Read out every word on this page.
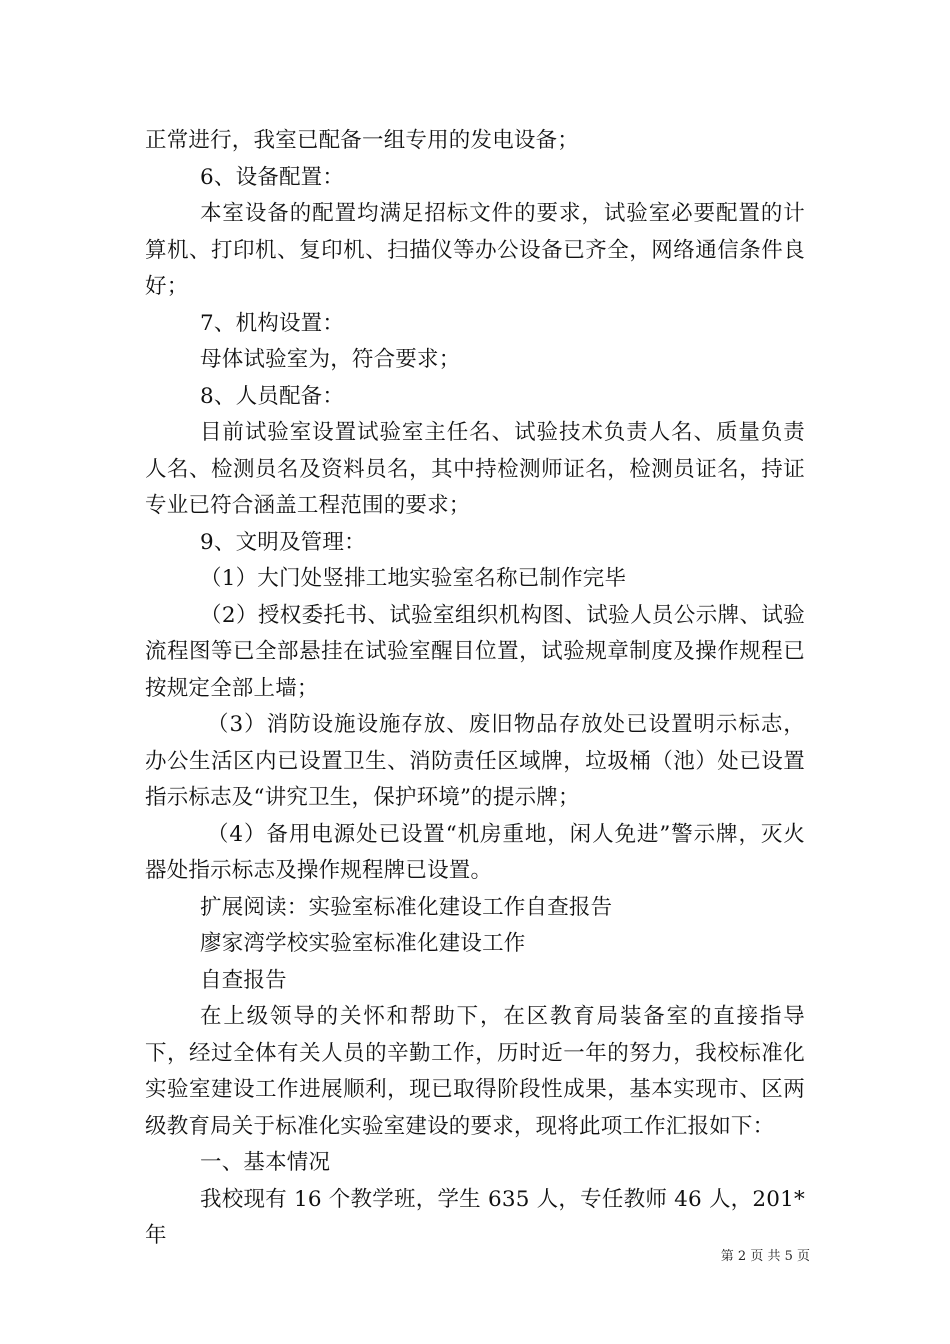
正常进行，我室已配备一组专用的发电设备；

6、设备配置：

本室设备的配置均满足招标文件的要求，试验室必要配置的计算机、打印机、复印机、扫描仪等办公设备已齐全，网络通信条件良好；

7、机构设置：

母体试验室为，符合要求；

8、人员配备：

目前试验室设置试验室主任名、试验技术负责人名、质量负责人名、检测员名及资料员名，其中持检测师证名，检测员证名，持证专业已符合涵盖工程范围的要求；

9、文明及管理：

（1）大门处竖排工地实验室名称已制作完毕

（2）授权委托书、试验室组织机构图、试验人员公示牌、试验流程图等已全部悬挂在试验室醒目位置，试验规章制度及操作规程已按规定全部上墙；

（3）消防设施设施存放、废旧物品存放处已设置明示标志，办公生活区内已设置卫生、消防责任区域牌，垃圾桶（池）处已设置指示标志及“讲究卫生，保护环境”的提示牌；

（4）备用电源处已设置“机房重地，闲人免进”警示牌，灭火器处指示标志及操作规程牌已设置。

扩展阅读：实验室标准化建设工作自查报告

廖家湾学校实验室标准化建设工作

自查报告

在上级领导的关怀和帮助下，在区教育局装备室的直接指导下，经过全体有关人员的辛勤工作，历时近一年的努力，我校标准化实验室建设工作进展顺利，现已取得阶段性成果，基本实现市、区两级教育局关于标准化实验室建设的要求，现将此项工作汇报如下：

一、基本情况

我校现有 16 个教学班，学生 635 人，专任教师 46 人，201*年

第 2 页 共 5 页
